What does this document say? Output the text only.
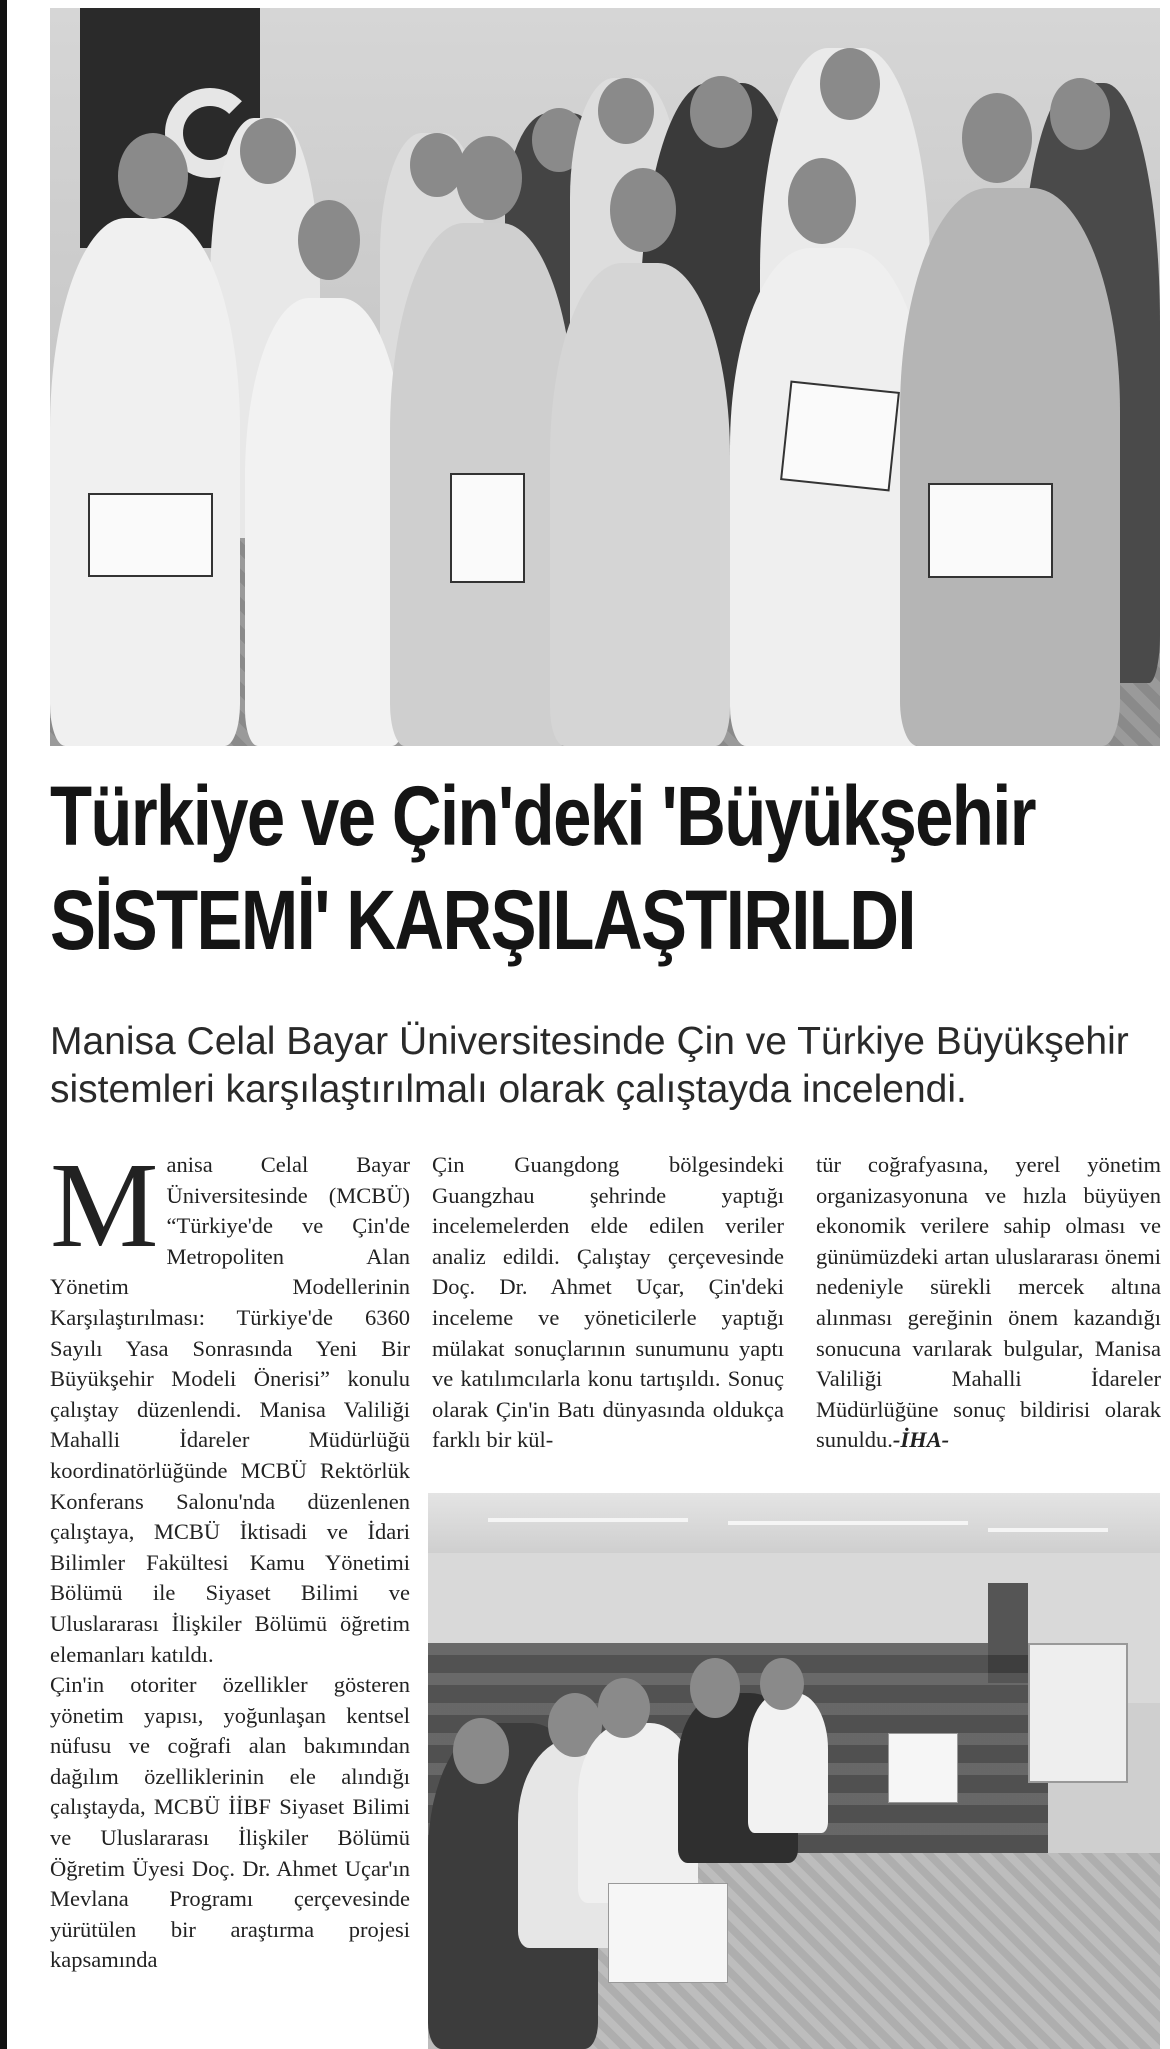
Türkiye ve Çin'deki 'Büyükşehir
SİSTEMİ' KARŞILAŞTIRILDI

Manisa Celal Bayar Üniversitesinde Çin ve Türkiye Büyükşehir sistemleri karşılaştırılmalı olarak çalıştayda incelendi.

Manisa Celal Bayar Üniversitesinde (MCBÜ) “Türkiye'de ve Çin'de Metropoliten Alan Yönetim Modellerinin Karşılaştırılması: Türkiye'de 6360 Sayılı Yasa Sonrasında Yeni Bir Büyükşehir Modeli Önerisi” konulu çalıştay düzenlendi. Manisa Valiliği Mahalli İdareler Müdürlüğü koordinatörlüğünde MCBÜ Rektörlük Konferans Salonu'nda düzenlenen çalıştaya, MCBÜ İktisadi ve İdari Bilimler Fakültesi Kamu Yönetimi Bölümü ile Siyaset Bilimi ve Uluslararası İlişkiler Bölümü öğretim elemanları katıldı.

Çin'in otoriter özellikler gösteren yönetim yapısı, yoğunlaşan kentsel nüfusu ve coğrafi alan bakımından dağılım özelliklerinin ele alındığı çalıştayda, MCBÜ İİBF Siyaset Bilimi ve Uluslararası İlişkiler Bölümü Öğretim Üyesi Doç. Dr. Ahmet Uçar'ın Mevlana Programı çerçevesinde yürütülen bir araştırma projesi kapsamında

Çin Guangdong bölgesindeki Guangzhau şehrinde yaptığı incelemelerden elde edilen veriler analiz edildi. Çalıştay çerçevesinde Doç. Dr. Ahmet Uçar, Çin'deki inceleme ve yöneticilerle yaptığı mülakat sonuçlarının sunumunu yaptı ve katılımcılarla konu tartışıldı. Sonuç olarak Çin'in Batı dünyasında oldukça farklı bir kül-

tür coğrafyasına, yerel yönetim organizasyonuna ve hızla büyüyen ekonomik verilere sahip olması ve günümüzdeki artan uluslararası önemi nedeniyle sürekli mercek altına alınması gereğinin önem kazandığı sonucuna varılarak bulgular, Manisa Valiliği Mahalli İdareler Müdürlüğüne sonuç bildirisi olarak sunuldu.-İHA-
